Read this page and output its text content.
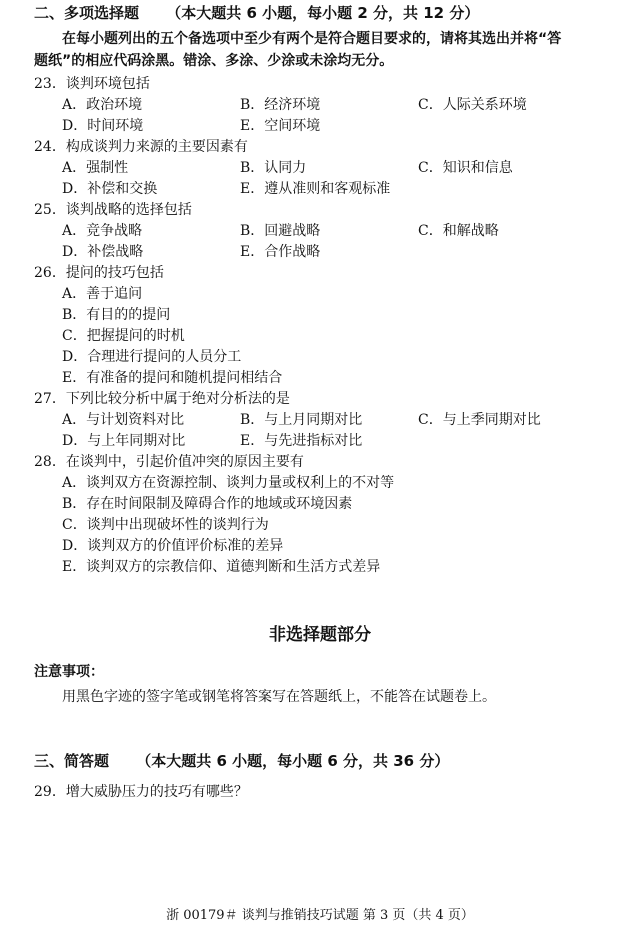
二、多项选择题 （本大题共 6 小题，每小题 2 分，共 12 分）
在每小题列出的五个备选项中至少有两个是符合题目要求的，请将其选出并将“答
题纸”的相应代码涂黑。错涂、多涂、少涂或未涂均无分。
23．谈判环境包括
A．政治环境	B．经济环境	C．人际关系环境
D．时间环境	E．空间环境
24．构成谈判力来源的主要因素有
A．强制性	B．认同力	C．知识和信息
D．补偿和交换	E．遵从准则和客观标准
25．谈判战略的选择包括
A．竞争战略	B．回避战略	C．和解战略
D．补偿战略	E．合作战略
26．提问的技巧包括
A．善于追问
B．有目的的提问
C．把握提问的时机
D．合理进行提问的人员分工
E．有准备的提问和随机提问相结合
27．下列比较分析中属于绝对分析法的是
A．与计划资料对比	B．与上月同期对比	C．与上季同期对比
D．与上年同期对比	E．与先进指标对比
28．在谈判中，引起价值冲突的原因主要有
A．谈判双方在资源控制、谈判力量或权利上的不对等
B．存在时间限制及障碍合作的地域或环境因素
C．谈判中出现破坏性的谈判行为
D．谈判双方的价值评价标准的差异
E．谈判双方的宗教信仰、道德判断和生活方式差异
非选择题部分
注意事项：
用黑色字迹的签字笔或钢笔将答案写在答题纸上，不能答在试题卷上。
三、简答题 （本大题共 6 小题，每小题 6 分，共 36 分）
29．增大威胁压力的技巧有哪些？
浙 00179＃ 谈判与推销技巧试题 第 3 页（共 4 页）
